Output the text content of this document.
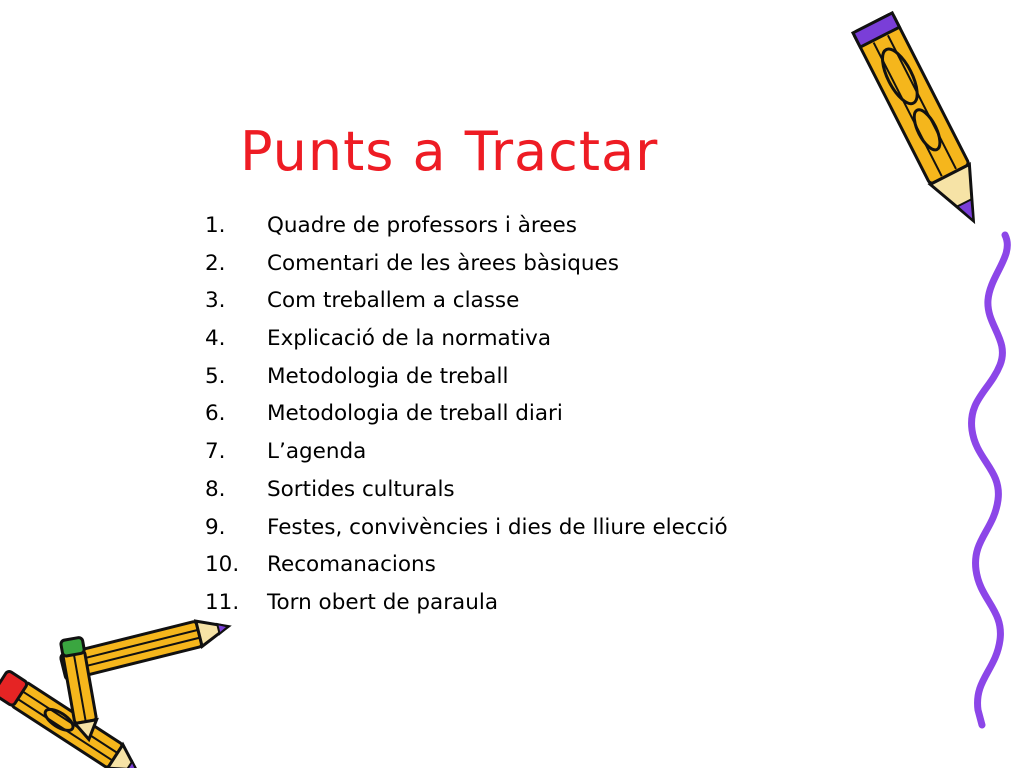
Punts a Tractar
1.	Quadre de professors i àrees
2.	Comentari de les àrees bàsiques
3.	Com treballem a classe
4.	Explicació de la normativa
5.	Metodologia de treball
6.	Metodologia de treball diari
7.	L’agenda
8.	Sortides culturals
9.	Festes, convivències i dies de lliure elecció
10.	Recomanacions
11.	Torn obert de paraula
